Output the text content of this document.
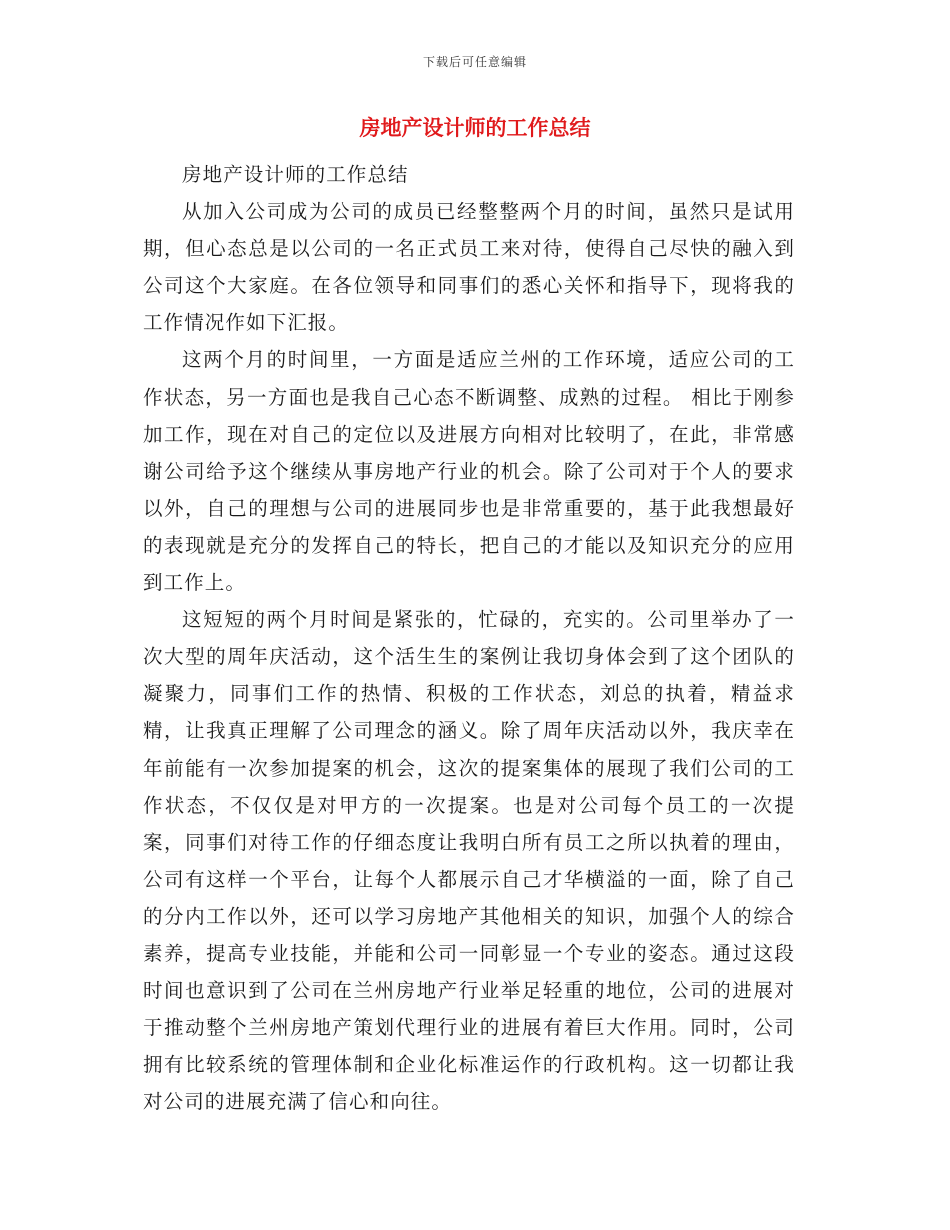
下载后可任意编辑
房地产设计师的工作总结

房地产设计师的工作总结

从加入公司成为公司的成员已经整整两个月的时间，虽然只是试用期，但心态总是以公司的一名正式员工来对待，使得自己尽快的融入到公司这个大家庭。在各位领导和同事们的悉心关怀和指导下，现将我的工作情况作如下汇报。

这两个月的时间里，一方面是适应兰州的工作环境，适应公司的工作状态，另一方面也是我自己心态不断调整、成熟的过程。 相比于刚参加工作，现在对自己的定位以及进展方向相对比较明了，在此，非常感谢公司给予这个继续从事房地产行业的机会。除了公司对于个人的要求以外，自己的理想与公司的进展同步也是非常重要的，基于此我想最好的表现就是充分的发挥自己的特长，把自己的才能以及知识充分的应用到工作上。

这短短的两个月时间是紧张的，忙碌的，充实的。公司里举办了一次大型的周年庆活动，这个活生生的案例让我切身体会到了这个团队的凝聚力，同事们工作的热情、积极的工作状态，刘总的执着，精益求精，让我真正理解了公司理念的涵义。除了周年庆活动以外，我庆幸在年前能有一次参加提案的机会，这次的提案集体的展现了我们公司的工作状态，不仅仅是对甲方的一次提案。也是对公司每个员工的一次提案，同事们对待工作的仔细态度让我明白所有员工之所以执着的理由，公司有这样一个平台，让每个人都展示自己才华横溢的一面，除了自己的分内工作以外，还可以学习房地产其他相关的知识，加强个人的综合素养，提高专业技能，并能和公司一同彰显一个专业的姿态。通过这段时间也意识到了公司在兰州房地产行业举足轻重的地位，公司的进展对于推动整个兰州房地产策划代理行业的进展有着巨大作用。同时，公司拥有比较系统的管理体制和企业化标准运作的行政机构。这一切都让我对公司的进展充满了信心和向往。
